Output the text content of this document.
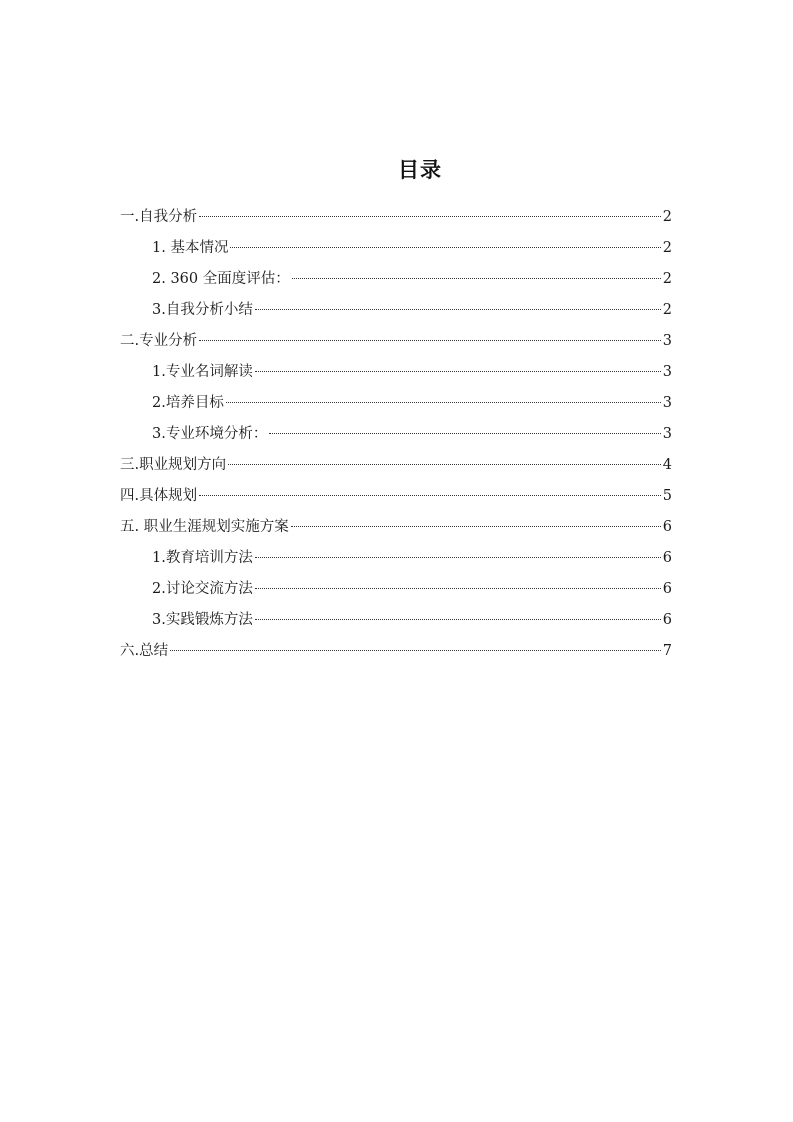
目录
一.自我分析	2
1. 基本情况	2
2. 360 全面度评估：	2
3.自我分析小结	2
二.专业分析	3
1.专业名词解读	3
2.培养目标	3
3.专业环境分析：	3
三.职业规划方向	4
四.具体规划	5
五. 职业生涯规划实施方案	6
1.教育培训方法	6
2.讨论交流方法	6
3.实践锻炼方法	6
六.总结	7
